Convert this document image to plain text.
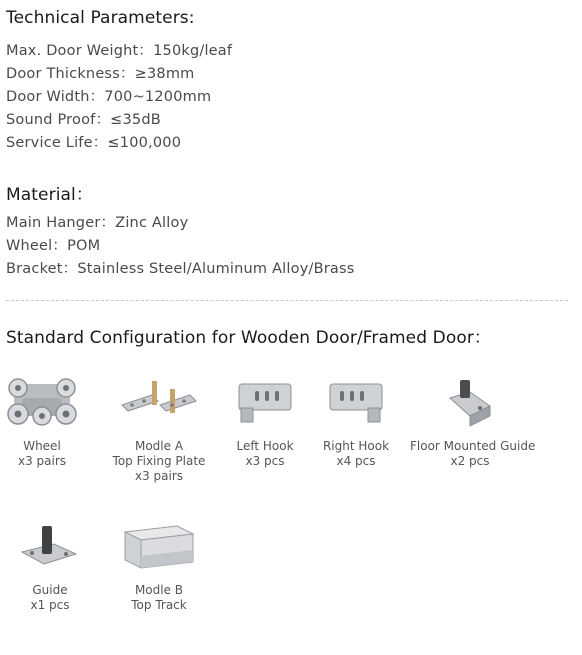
Technical Parameters:
Max. Door Weight：150kg/leaf
Door Thickness：≥38mm
Door Width：700~1200mm
Sound Proof：≤35dB
Service Life：≤100,000
Material：
Main Hanger：Zinc Alloy
Wheel：POM
Bracket：Stainless Steel/Aluminum Alloy/Brass
Standard Configuration for Wooden Door/Framed Door：
Wheel
x3 pairs
Modle A
Top Fixing Plate
x3 pairs
Left Hook
x3 pcs
Right Hook
x4 pcs
Floor Mounted Guide
x2 pcs
Guide
x1 pcs
Modle B
Top Track
